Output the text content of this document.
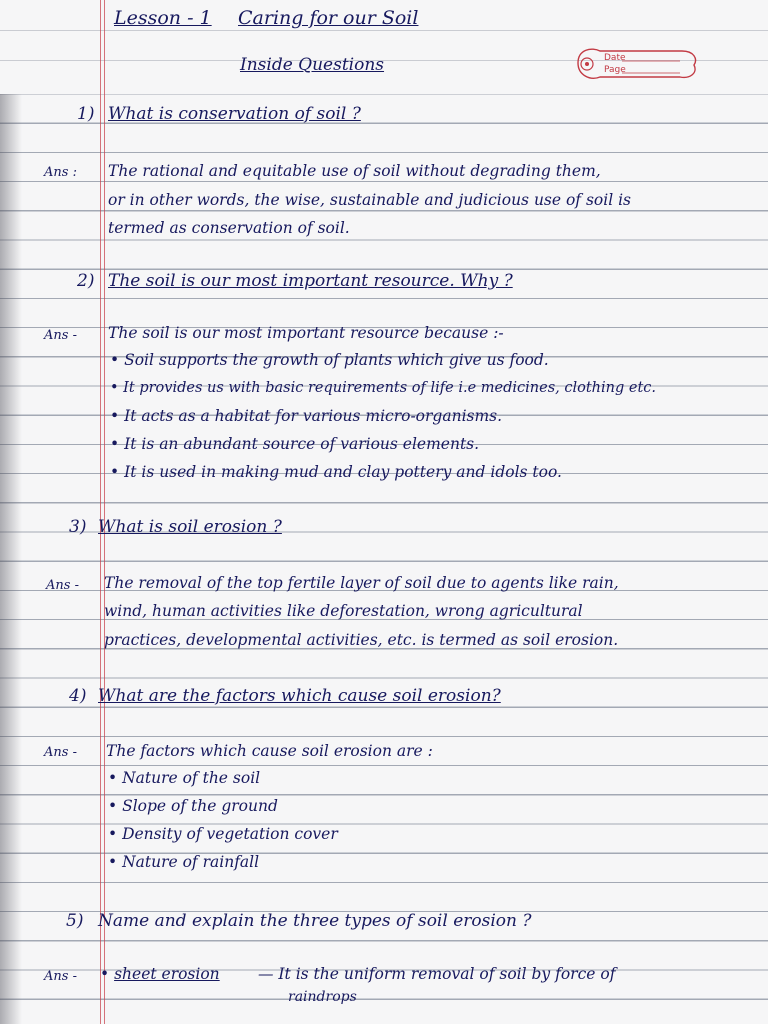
Lesson - 1 Caring for our Soil
Inside Questions	Date
Page
1) What is conservation of soil ?
Ans : The rational and equitable use of soil without degrading them,
or in other words, the wise, sustainable and judicious use of soil is
termed as conservation of soil.
2) The soil is our most important resource. Why ?
Ans - The soil is our most important resource because :-
• Soil supports the growth of plants which give us food.
• It provides us with basic requirements of life i.e medicines, clothing etc.
• It acts as a habitat for various micro-organisms.
• It is an abundant source of various elements.
• It is used in making mud and clay pottery and idols too.
3) What is soil erosion ?
Ans - The removal of the top fertile layer of soil due to agents like rain,
wind, human activities like deforestation, wrong agricultural
practices, developmental activities, etc. is termed as soil erosion.
4) What are the factors which cause soil erosion?
Ans - The factors which cause soil erosion are :
• Nature of the soil
• Slope of the ground
• Density of vegetation cover
• Nature of rainfall
5) Name and explain the three types of soil erosion ?
Ans - • sheet erosion — It is the uniform removal of soil by force of
raindrops
